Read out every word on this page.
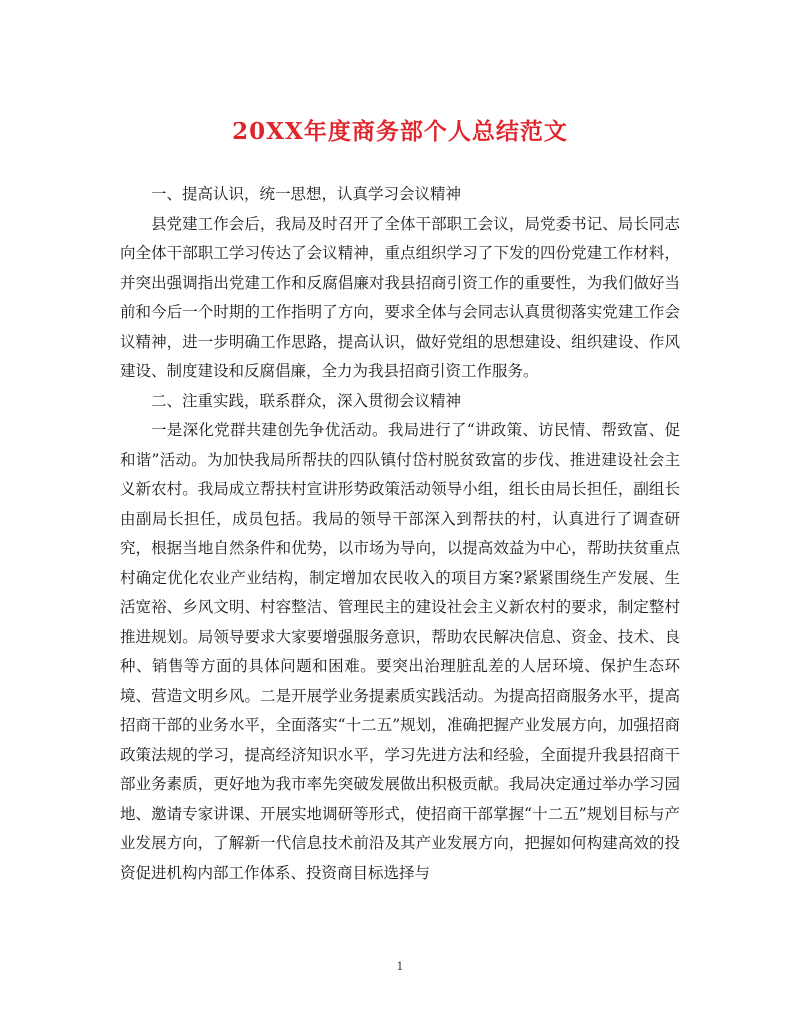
20XX年度商务部个人总结范文

一、提高认识，统一思想，认真学习会议精神

县党建工作会后，我局及时召开了全体干部职工会议，局党委书记、局长同志向全体干部职工学习传达了会议精神，重点组织学习了下发的四份党建工作材料，并突出强调指出党建工作和反腐倡廉对我县招商引资工作的重要性，为我们做好当前和今后一个时期的工作指明了方向，要求全体与会同志认真贯彻落实党建工作会议精神，进一步明确工作思路，提高认识，做好党组的思想建设、组织建设、作风建设、制度建设和反腐倡廉，全力为我县招商引资工作服务。

二、注重实践，联系群众，深入贯彻会议精神

一是深化党群共建创先争优活动。我局进行了“讲政策、访民情、帮致富、促和谐”活动。为加快我局所帮扶的四队镇付岱村脱贫致富的步伐、推进建设社会主义新农村。我局成立帮扶村宣讲形势政策活动领导小组，组长由局长担任，副组长由副局长担任，成员包括。我局的领导干部深入到帮扶的村，认真进行了调查研究，根据当地自然条件和优势，以市场为导向，以提高效益为中心，帮助扶贫重点村确定优化农业产业结构，制定增加农民收入的项目方案?紧紧围绕生产发展、生活宽裕、乡风文明、村容整洁、管理民主的建设社会主义新农村的要求，制定整村推进规划。局领导要求大家要增强服务意识，帮助农民解决信息、资金、技术、良种、销售等方面的具体问题和困难。要突出治理脏乱差的人居环境、保护生态环境、营造文明乡风。二是开展学业务提素质实践活动。为提高招商服务水平，提高招商干部的业务水平，全面落实“十二五”规划，准确把握产业发展方向，加强招商政策法规的学习，提高经济知识水平，学习先进方法和经验，全面提升我县招商干部业务素质，更好地为我市率先突破发展做出积极贡献。我局决定通过举办学习园地、邀请专家讲课、开展实地调研等形式，使招商干部掌握“十二五”规划目标与产业发展方向，了解新一代信息技术前沿及其产业发展方向，把握如何构建高效的投资促进机构内部工作体系、投资商目标选择与

1
